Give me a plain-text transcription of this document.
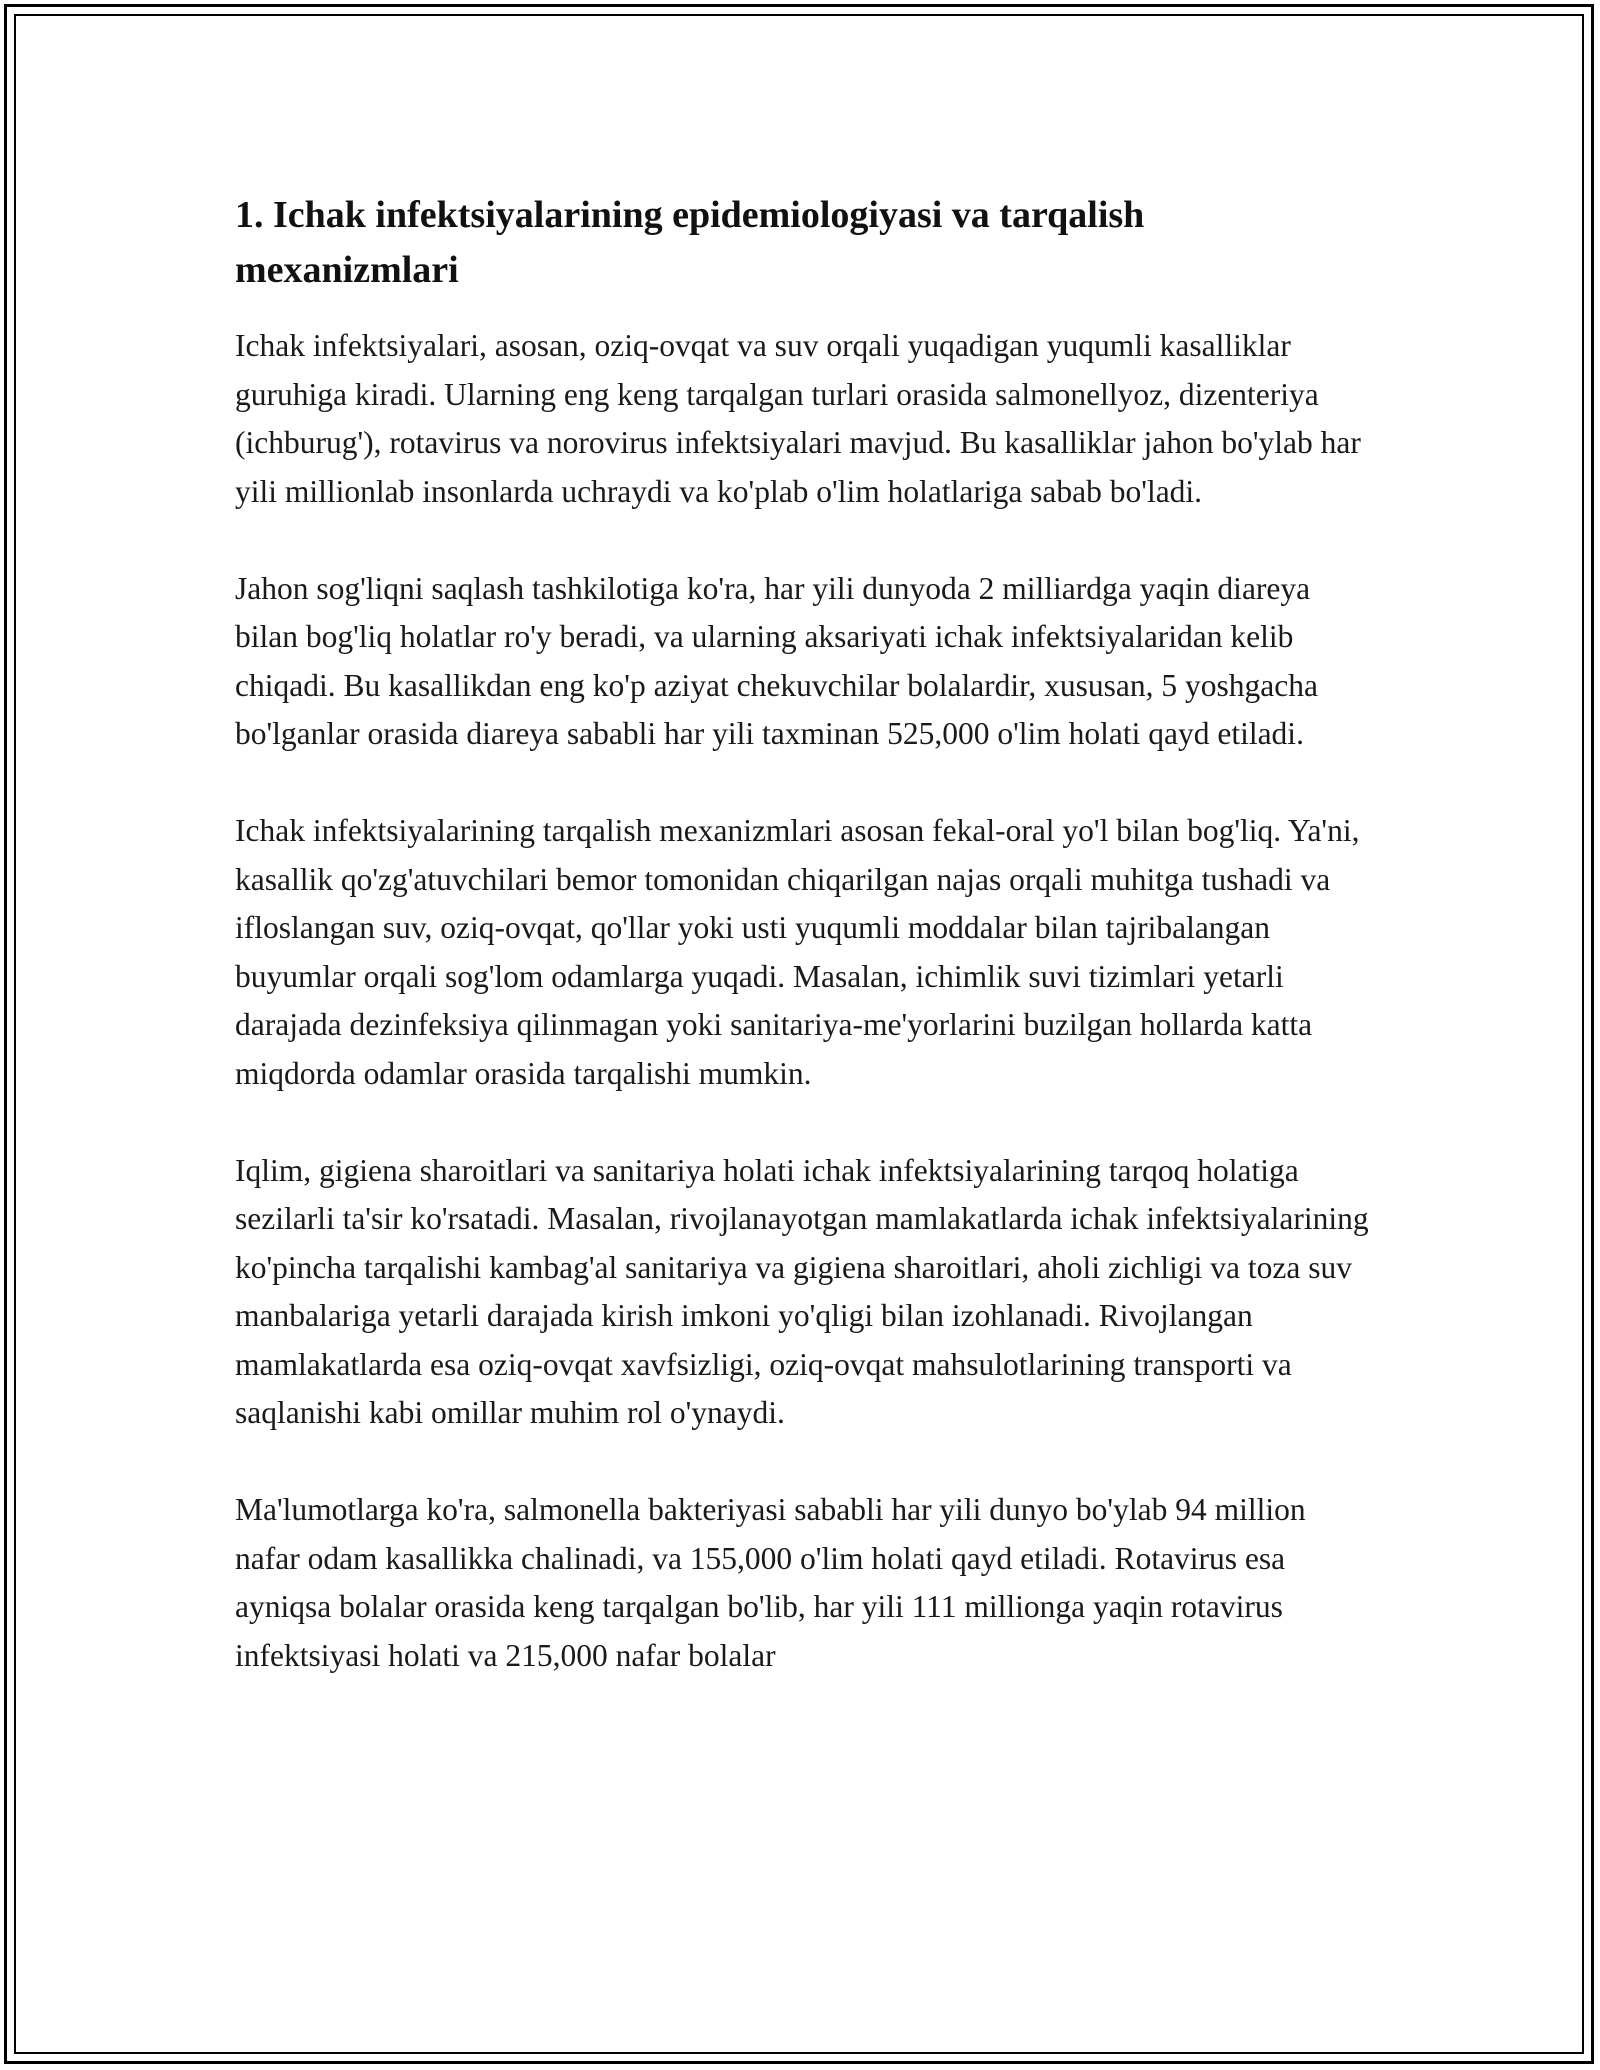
1. Ichak infektsiyalarining epidemiologiyasi va tarqalish mexanizmlari

Ichak infektsiyalari, asosan, oziq-ovqat va suv orqali yuqadigan yuqumli kasalliklar guruhiga kiradi. Ularning eng keng tarqalgan turlari orasida salmonellyoz, dizenteriya (ichburug'), rotavirus va norovirus infektsiyalari mavjud. Bu kasalliklar jahon bo'ylab har yili millionlab insonlarda uchraydi va ko'plab o'lim holatlariga sabab bo'ladi.

Jahon sog'liqni saqlash tashkilotiga ko'ra, har yili dunyoda 2 milliardga yaqin diareya bilan bog'liq holatlar ro'y beradi, va ularning aksariyati ichak infektsiyalaridan kelib chiqadi. Bu kasallikdan eng ko'p aziyat chekuvchilar bolalardir, xususan, 5 yoshgacha bo'lganlar orasida diareya sababli har yili taxminan 525,000 o'lim holati qayd etiladi.

Ichak infektsiyalarining tarqalish mexanizmlari asosan fekal-oral yo'l bilan bog'liq. Ya'ni, kasallik qo'zg'atuvchilari bemor tomonidan chiqarilgan najas orqali muhitga tushadi va ifloslangan suv, oziq-ovqat, qo'llar yoki usti yuqumli moddalar bilan tajribalangan buyumlar orqali sog'lom odamlarga yuqadi. Masalan, ichimlik suvi tizimlari yetarli darajada dezinfeksiya qilinmagan yoki sanitariya-me'yorlarini buzilgan hollarda katta miqdorda odamlar orasida tarqalishi mumkin.

Iqlim, gigiena sharoitlari va sanitariya holati ichak infektsiyalarining tarqoq holatiga sezilarli ta'sir ko'rsatadi. Masalan, rivojlanayotgan mamlakatlarda ichak infektsiyalarining ko'pincha tarqalishi kambag'al sanitariya va gigiena sharoitlari, aholi zichligi va toza suv manbalariga yetarli darajada kirish imkoni yo'qligi bilan izohlanadi. Rivojlangan mamlakatlarda esa oziq-ovqat xavfsizligi, oziq-ovqat mahsulotlarining transporti va saqlanishi kabi omillar muhim rol o'ynaydi.

Ma'lumotlarga ko'ra, salmonella bakteriyasi sababli har yili dunyo bo'ylab 94 million nafar odam kasallikka chalinadi, va 155,000 o'lim holati qayd etiladi. Rotavirus esa ayniqsa bolalar orasida keng tarqalgan bo'lib, har yili 111 millionga yaqin rotavirus infektsiyasi holati va 215,000 nafar bolalar
